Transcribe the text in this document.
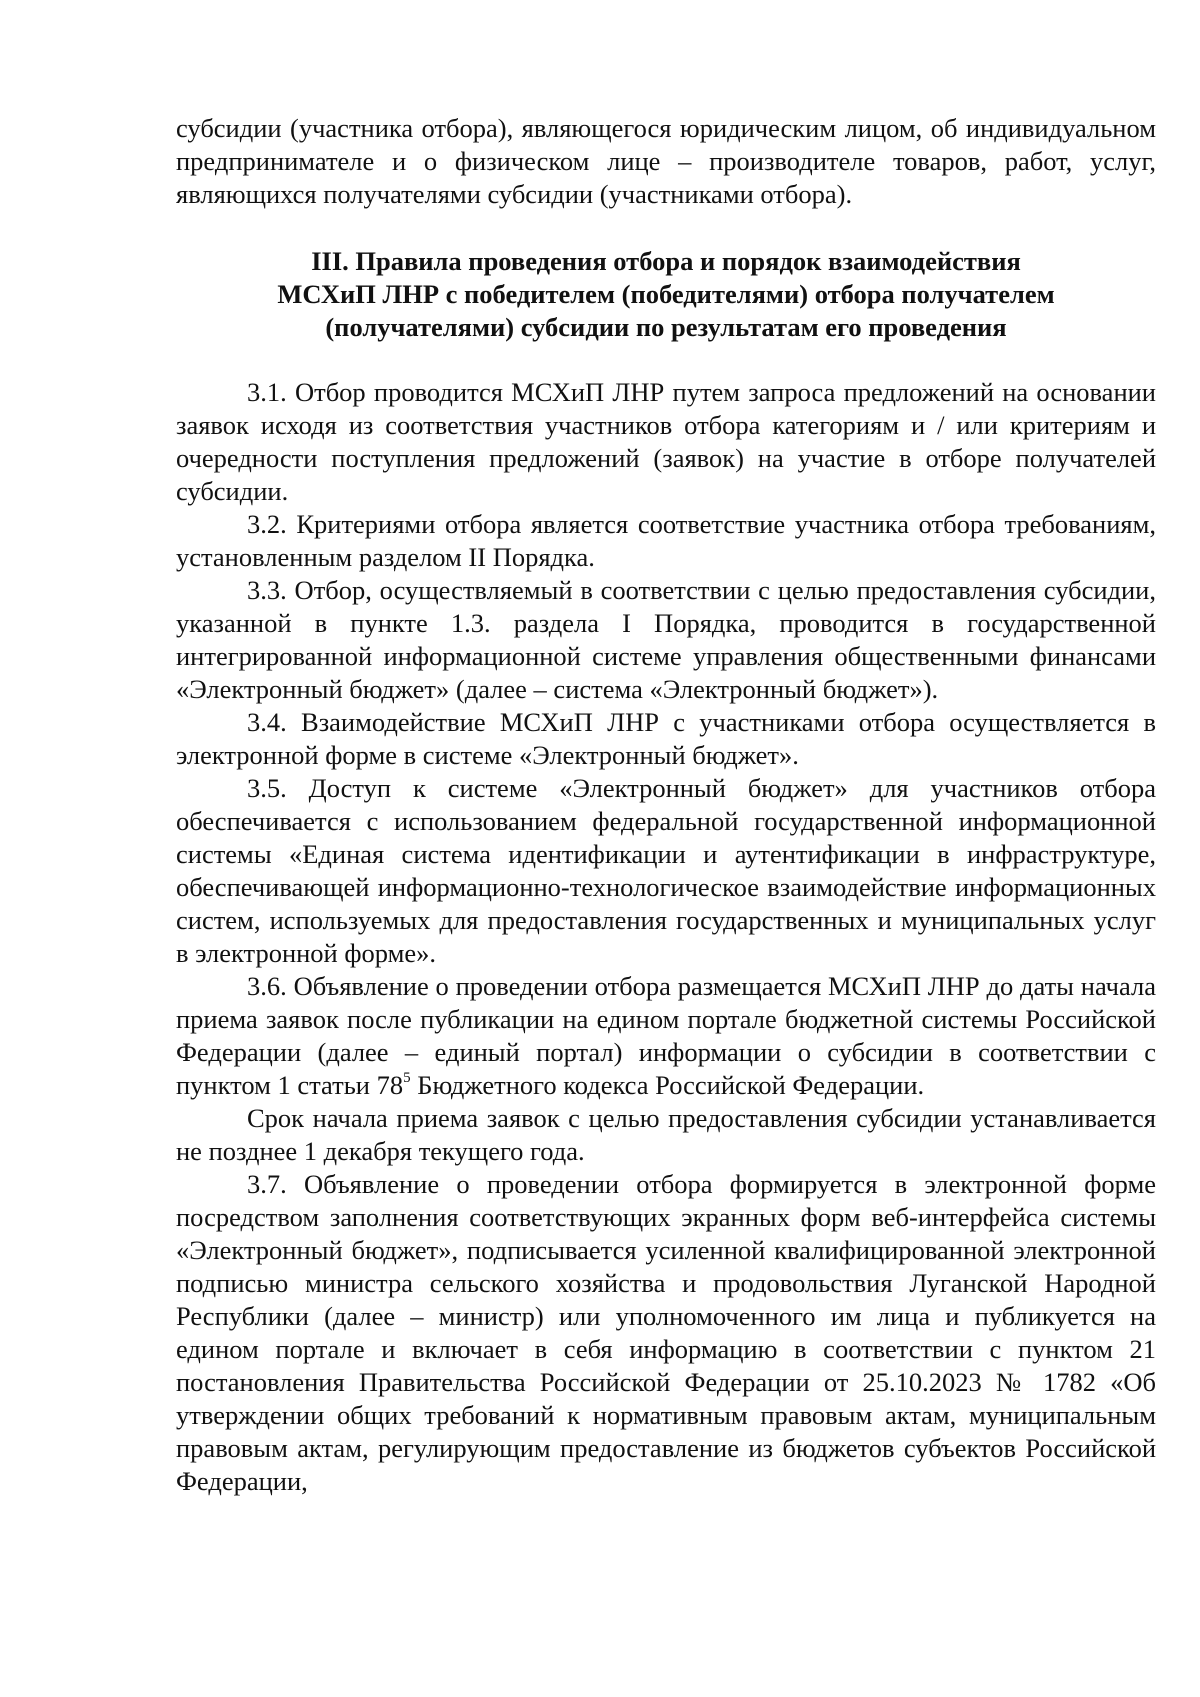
субсидии (участника отбора), являющегося юридическим лицом, об индивидуальном предпринимателе и о физическом лице – производителе товаров, работ, услуг, являющихся получателями субсидии (участниками отбора).

III. Правила проведения отбора и порядок взаимодействия
МСХиП ЛНР с победителем (победителями) отбора получателем
(получателями) субсидии по результатам его проведения

3.1. Отбор проводится МСХиП ЛНР путем запроса предложений на основании заявок исходя из соответствия участников отбора категориям и / или критериям и очередности поступления предложений (заявок) на участие в отборе получателей субсидии.

3.2. Критериями отбора является соответствие участника отбора требованиям, установленным разделом II Порядка.

3.3. Отбор, осуществляемый в соответствии с целью предоставления субсидии, указанной в пункте 1.3. раздела I Порядка, проводится в государственной интегрированной информационной системе управления общественными финансами «Электронный бюджет» (далее – система «Электронный бюджет»).

3.4. Взаимодействие МСХиП ЛНР с участниками отбора осуществляется в электронной форме в системе «Электронный бюджет».

3.5. Доступ к системе «Электронный бюджет» для участников отбора обеспечивается с использованием федеральной государственной информационной системы «Единая система идентификации и аутентификации в инфраструктуре, обеспечивающей информационно-технологическое взаимодействие информационных систем, используемых для предоставления государственных и муниципальных услуг в электронной форме».

3.6. Объявление о проведении отбора размещается МСХиП ЛНР до даты начала приема заявок после публикации на едином портале бюджетной системы Российской Федерации (далее – единый портал) информации о субсидии в соответствии с пунктом 1 статьи $78^5$ Бюджетного кодекса Российской Федерации.

Срок начала приема заявок с целью предоставления субсидии устанавливается не позднее 1 декабря текущего года.

3.7. Объявление о проведении отбора формируется в электронной форме посредством заполнения соответствующих экранных форм веб-интерфейса системы «Электронный бюджет», подписывается усиленной квалифицированной электронной подписью министра сельского хозяйства и продовольствия Луганской Народной Республики (далее – министр) или уполномоченного им лица и публикуется на едином портале и включает в себя информацию в соответствии с пунктом 21 постановления Правительства Российской Федерации от 25.10.2023 № 1782 «Об утверждении общих требований к нормативным правовым актам, муниципальным правовым актам, регулирующим предоставление из бюджетов субъектов Российской Федерации,
